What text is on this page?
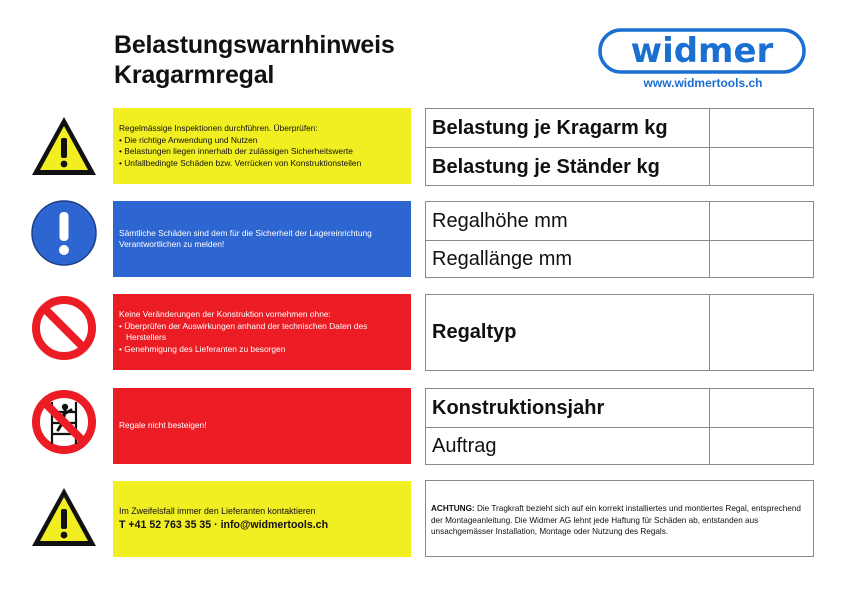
Belastungswarnhinweis
Kragarmregal
widmer
www.widmertools.ch
Regelmässige Inspektionen durchführen. Überprüfen:
• Die richtige Anwendung und Nutzen
• Belastungen liegen innerhalb der zulässigen Sicherheitswerte
• Unfallbedingte Schäden bzw. Verrücken von Konstruktionsteilen
Sämtliche Schäden sind dem für die Sicherheit der Lagereinrichtung Verantwortlichen zu melden!
Keine Veränderungen der Konstruktion vornehmen ohne:
• Überprüfen der Auswirkungen anhand der technischen Daten des Herstellers
• Genehmigung des Lieferanten zu besorgen
Regale nicht besteigen!
Im Zweifelsfall immer den Lieferanten kontaktieren
T +41 52 763 35 35 · info@widmertools.ch
Belastung je Kragarm kg
Belastung je Ständer kg
Regalhöhe mm
Regallänge mm
Regaltyp
Konstruktionsjahr
Auftrag
ACHTUNG: Die Tragkraft bezieht sich auf ein korrekt installiertes und montiertes Regal, entsprechend der Montageanleitung. Die Widmer AG lehnt jede Haftung für Schäden ab, entstanden aus unsachgemässer Installation, Montage oder Nutzung des Regals.
